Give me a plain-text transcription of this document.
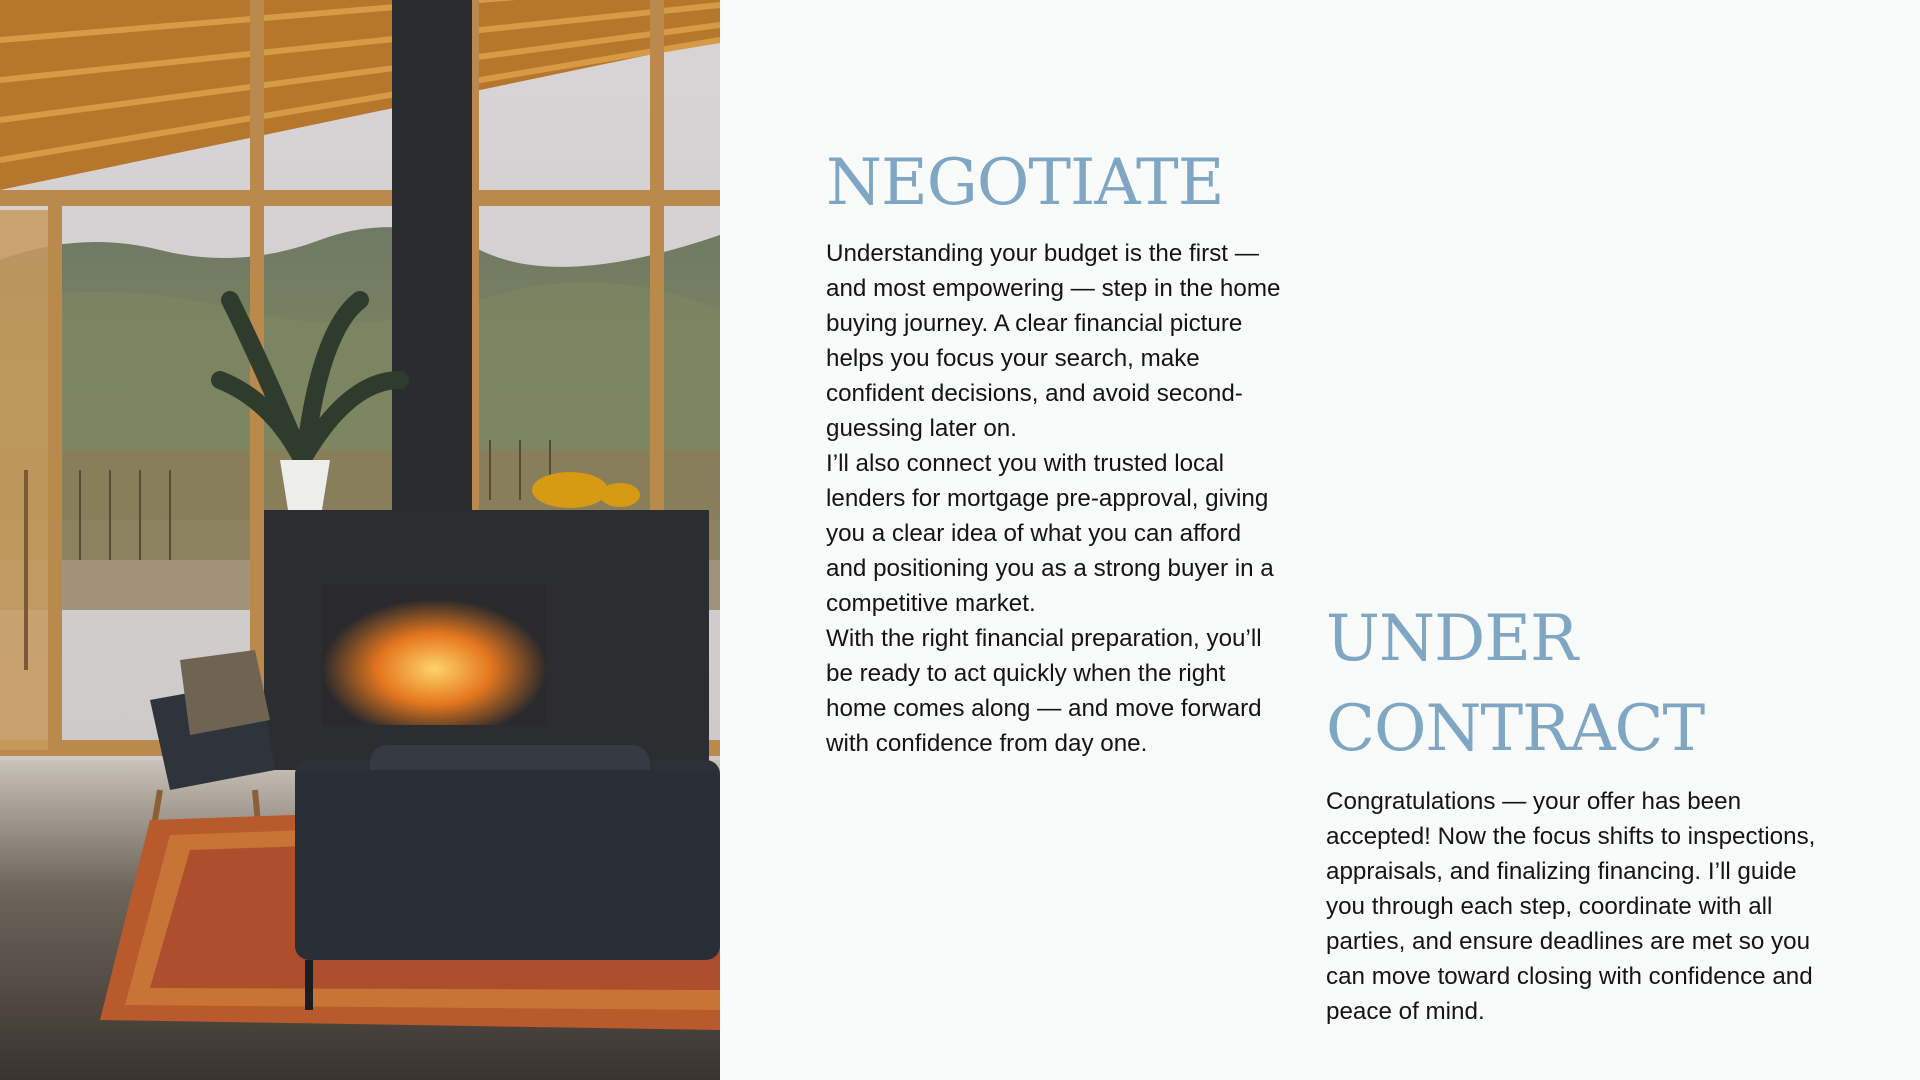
NEGOTIATE

Understanding your budget is the first — and most empowering — step in the home buying journey. A clear financial picture helps you focus your search, make confident decisions, and avoid second-guessing later on.

I’ll also connect you with trusted local lenders for mortgage pre-approval, giving you a clear idea of what you can afford and positioning you as a strong buyer in a competitive market.

With the right financial preparation, you’ll be ready to act quickly when the right home comes along — and move forward with confidence from day one.

UNDER
CONTRACT

Congratulations — your offer has been accepted! Now the focus shifts to inspections, appraisals, and finalizing financing. I’ll guide you through each step, coordinate with all parties, and ensure deadlines are met so you can move toward closing with confidence and peace of mind.
